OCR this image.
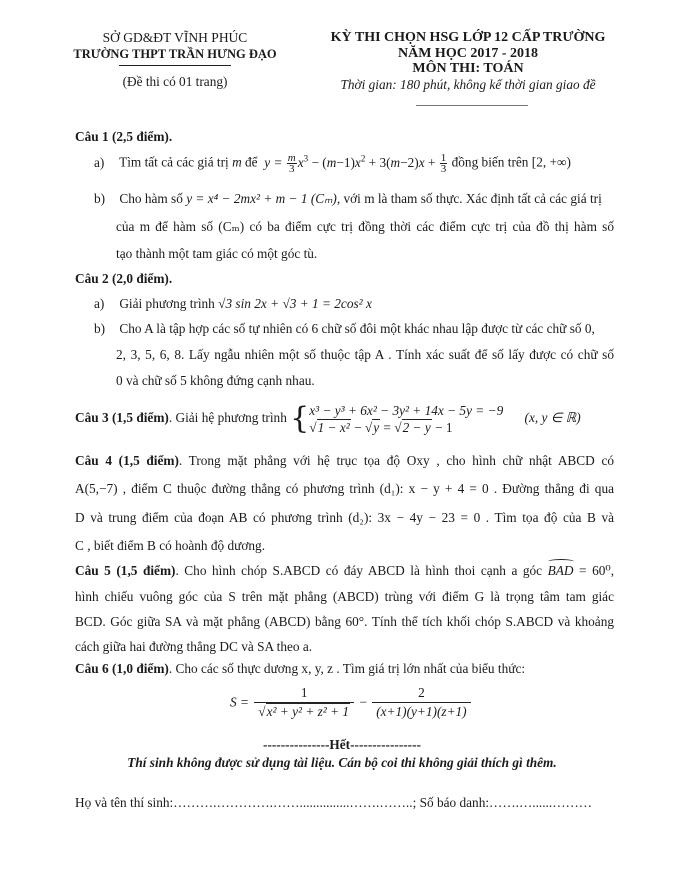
SỞ GD&ĐT VĨNH PHÚC
TRƯỜNG THPT TRẦN HƯNG ĐẠO
(Đề thi có 01 trang)
KỲ THI CHỌN HSG LỚP 12 CẤP TRƯỜNG
NĂM HỌC 2017 - 2018
MÔN THI: TOÁN
Thời gian: 180 phút, không kể thời gian giao đề
Câu 1 (2,5 điểm).
a) Tìm tất cả các giá trị m để  $y = \frac{m}{3} x^3 - (m-1)x^2 + 3(m-2)x + \frac{1}{3}$ đồng biến trên [2, +∞)
b) Cho hàm số y = x⁴ − 2mx² + m − 1 (Cₘ), với m là tham số thực. Xác định tất cả các giá trị
của m để hàm số (Cₘ) có ba điểm cực trị đồng thời các điểm cực trị của đồ thị hàm số
tạo thành một tam giác có một góc tù.
Câu 2 (2,0 điểm).
a) Giải phương trình √3 sin 2x + √3 + 1 = 2cos² x
b) Cho A là tập hợp các số tự nhiên có 6 chữ số đôi một khác nhau lập được từ các chữ số 0,
2, 3, 5, 6, 8. Lấy ngẫu nhiên một số thuộc tập A . Tính xác suất để số lấy được có chữ số
0 và chữ số 5 không đứng cạnh nhau.
Câu 3 (1,5 điểm). Giải hệ phương trình { x³ − y³ + 6x² − 3y² + 14x − 5y = −9
√1 − x² − √y = √2 − y − 1
(x, y ∈ ℝ)
Câu 4 (1,5 điểm). Trong mặt phẳng với hệ trục tọa độ Oxy , cho hình chữ nhật ABCD có
A(5,−7) , điểm C thuộc đường thẳng có phương trình (d₁): x − y + 4 = 0 . Đường thẳng đi qua
D và trung điểm của đoạn AB có phương trình (d₂): 3x − 4y − 23 = 0 . Tìm tọa độ của B và
C , biết điểm B có hoành độ dương.
Câu 5 (1,5 điểm). Cho hình chóp S.ABCD có đáy ABCD là hình thoi cạnh a góc BAD = 60⁰,
hình chiếu vuông góc của S trên mặt phẳng (ABCD) trùng với điểm G là trọng tâm tam giác
BCD. Góc giữa SA và mặt phẳng (ABCD) bằng 60°. Tính thể tích khối chóp S.ABCD và khoảng
cách giữa hai đường thẳng DC và SA theo a.
Câu 6 (1,0 điểm). Cho các số thực dương x, y, z . Tìm giá trị lớn nhất của biểu thức:
$S = \frac{1}{\text{√x² + y² + z² + 1}} - \frac{2}{(x+1)(y+1)(z+1)}$
---------------Hết----------------
Thí sinh không được sử dụng tài liệu. Cán bộ coi thi không giải thích gì thêm.
Họ và tên thí sinh:……….………….……...............…….……..; Số báo danh:…….…......………
